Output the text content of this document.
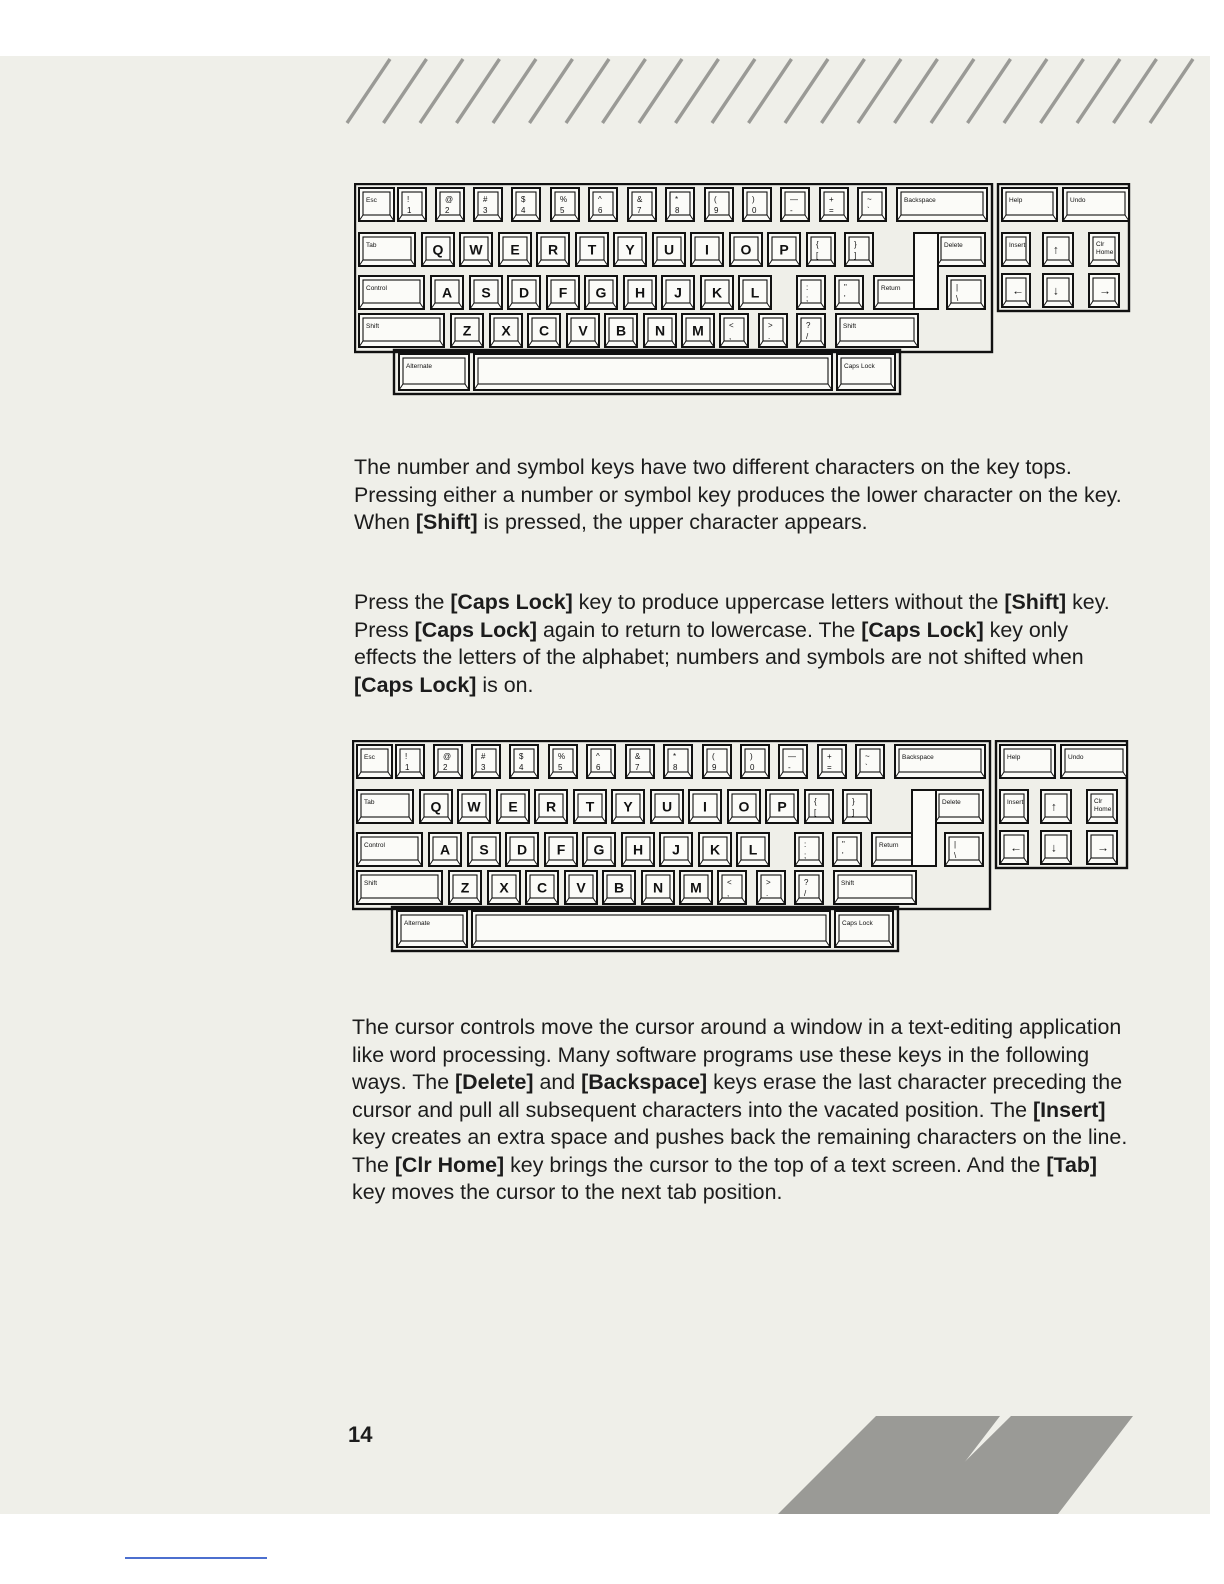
Esc	!
1
@
2
#
3
$
4
%
5
^
6
&
7
*
8
(
9
)
0
—
-
+
=
~
`
Backspace
Tab	Q W E R T Y U I O P	{
[
}
]
Delete
Control	A S D F G H J K L	:
;
"
'
Return	|
\
Shift	Z X C V B N M	<
,
>
.
?
/
Shift
Alternate	Caps Lock
Help	Undo
Insert ↑	Clr
Home
← ↓	→

The number and symbol keys have two different characters on the key tops. Pressing either a number or symbol key produces the lower character on the key. When [Shift] is pressed, the upper character appears.

Press the [Caps Lock] key to produce uppercase letters without the [Shift] key. Press [Caps Lock] again to return to lowercase. The [Caps Lock] key only effects the letters of the alphabet; numbers and symbols are not shifted when [Caps Lock] is on.

Esc	!
1
@
2
#
3
$
4
%
5
^
6
&
7
*
8
(
9
)
0
—
-
+
=
~
`
Backspace
Tab	Q W E R T Y U I O P	{
[
}
]
Delete
Control	A S D F G H J K L	:
;
"
'
Return	|
\
Shift	Z X C V B N M	<
,
>
.
?
/
Shift
Alternate	Caps Lock
Help	Undo
Insert ↑	Clr
Home
← ↓	→

The cursor controls move the cursor around a window in a text-editing application like word processing. Many software programs use these keys in the following ways. The [Delete] and [Backspace] keys erase the last character preceding the cursor and pull all subsequent characters into the vacated position. The [Insert] key creates an extra space and pushes back the remaining characters on the line. The [Clr Home] key brings the cursor to the top of a text screen. And the [Tab] key moves the cursor to the next tab position.

14
